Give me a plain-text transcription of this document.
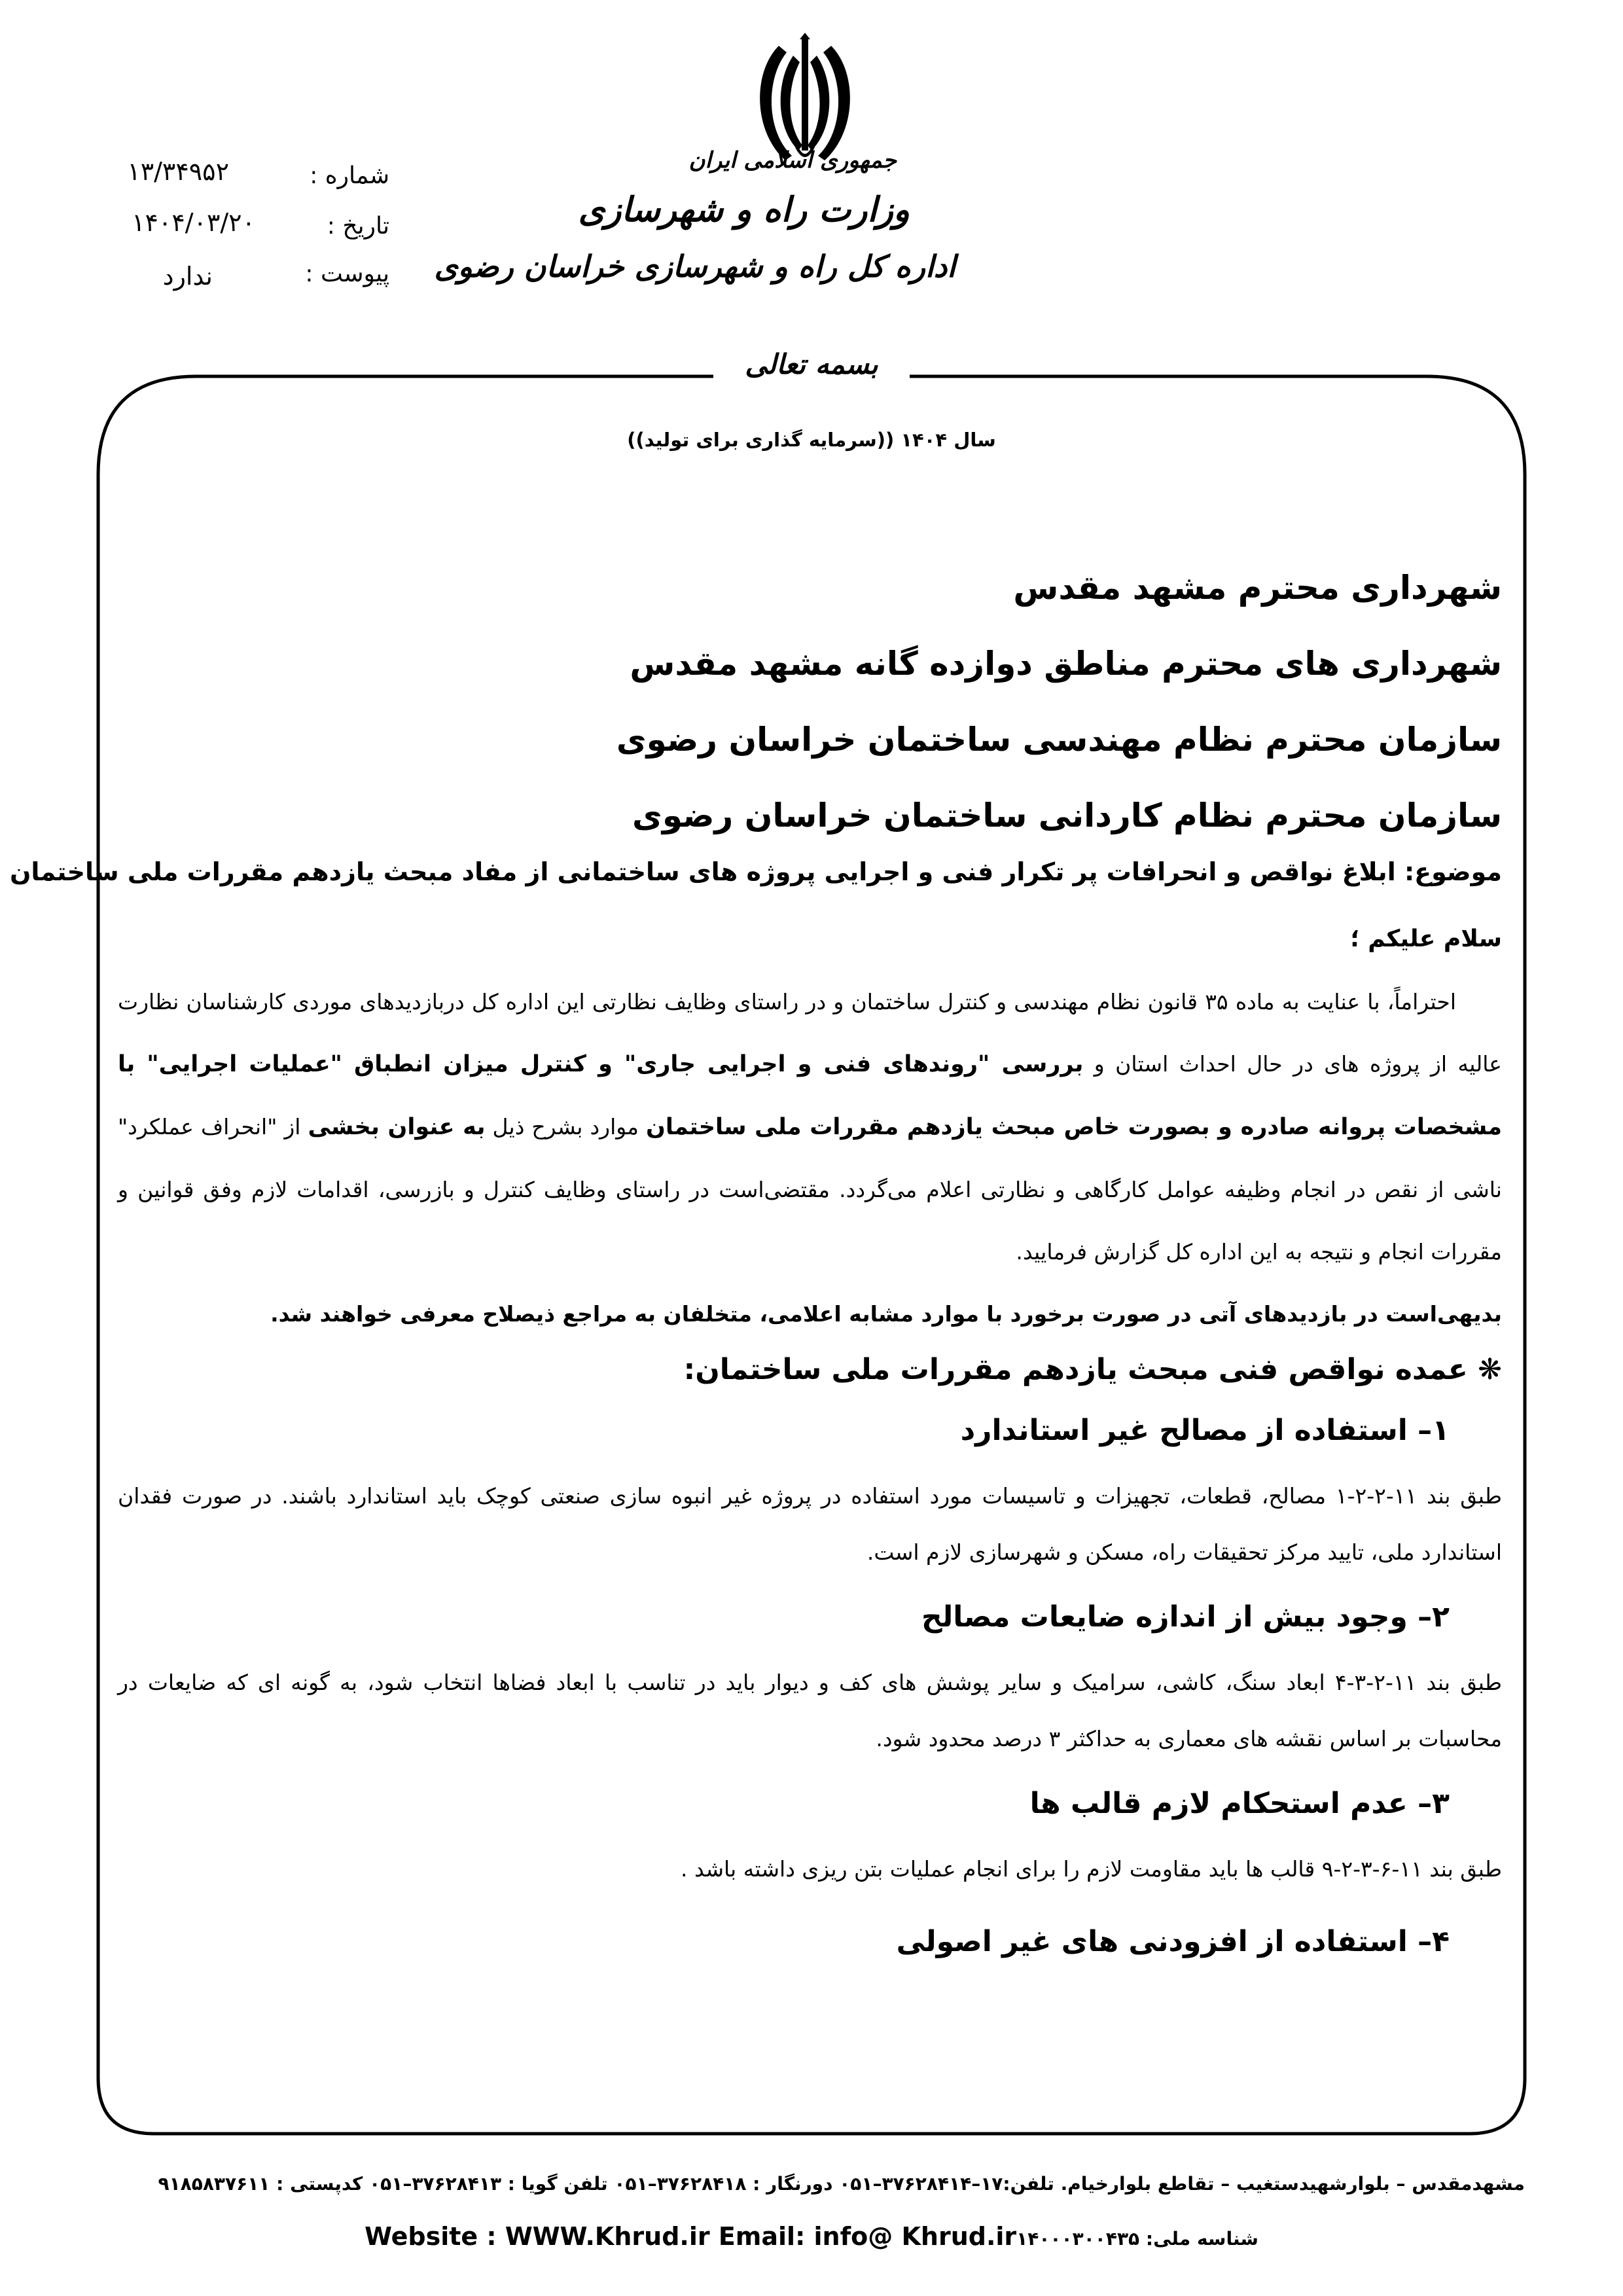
جمهوری اسلامی ایران
وزارت راه و شهرسازی
اداره کل راه و شهرسازی خراسان رضوی
شماره :
تاریخ :
پیوست :
۱۳/۳۴۹۵۲
۱۴۰۴/۰۳/۲۰
ندارد
بسمه تعالی
سال ۱۴۰۴ ((سرمایه گذاری برای تولید))
شهرداری محترم مشهد مقدس
شهرداری های محترم مناطق دوازده گانه مشهد مقدس
سازمان محترم نظام مهندسی ساختمان خراسان رضوی
سازمان محترم نظام کاردانی ساختمان خراسان رضوی
موضوع: ابلاغ نواقص و انحرافات پر تکرار فنی و اجرایی پروژه های ساختمانی از مفاد مبحث یازدهم مقررات ملی ساختمان
سلام علیکم ؛
احتراماً، با عنایت به ماده ۳۵ قانون نظام مهندسی و کنترل ساختمان و در راستای وظایف نظارتی این اداره کل دربازدیدهای موردی کارشناسان نظارت عالیه از پروژه های در حال احداث استان و بررسی "روندهای فنی و اجرایی جاری" و کنترل میزان انطباق "عملیات اجرایی" با مشخصات پروانه صادره و بصورت خاص مبحث یازدهم مقررات ملی ساختمان موارد بشرح ذیل به عنوان بخشی از "انحراف عملکرد" ناشی از نقص در انجام وظیفه عوامل کارگاهی و نظارتی اعلام می‌گردد. مقتضی‌است در راستای وظایف کنترل و بازرسی، اقدامات لازم وفق قوانین و مقررات انجام و نتیجه به این اداره کل گزارش فرمایید.
بدیهی‌است در بازدیدهای آتی در صورت برخورد با موارد مشابه اعلامی، متخلفان به مراجع ذیصلاح معرفی خواهند شد.
❋ عمده نواقص فنی مبحث یازدهم مقررات ملی ساختمان:
۱– استفاده از مصالح غیر استاندارد
طبق بند ۱۱-۲-۲-۱ مصالح، قطعات، تجهیزات و تاسیسات مورد استفاده در پروژه غیر انبوه سازی صنعتی کوچک باید استاندارد باشند. در صورت فقدان استاندارد ملی، تایید مرکز تحقیقات راه، مسکن و شهرسازی لازم است.
۲– وجود بیش از اندازه ضایعات مصالح
طبق بند ۱۱-۲-۳-۴ ابعاد سنگ، کاشی، سرامیک و سایر پوشش های کف و دیوار باید در تناسب با ابعاد فضاها انتخاب شود، به گونه ای که ضایعات در محاسبات بر اساس نقشه های معماری به حداکثر ۳ درصد محدود شود.
۳– عدم استحکام لازم قالب ها
طبق بند ۱۱-۶-۳-۲-۹ قالب ها باید مقاومت لازم را برای انجام عملیات بتن ریزی داشته باشد .
۴– استفاده از افزودنی های غیر اصولی
مشهدمقدس – بلوارشهیدستغیب – تقاطع بلوارخیام. تلفن:۱۷–۳۷۶۲۸۴۱۴–۰۵۱ دورنگار : ۳۷۶۲۸۴۱۸–۰۵۱ تلفن گویا : ۳۷۶۲۸۴۱۳–۰۵۱ کدپستی : ۹۱۸۵۸۳۷۶۱۱
Website : WWW.Khrud.ir Email: info@ Khrud.irشناسه ملی: ۱۴۰۰۰۳۰۰۴۳۵
